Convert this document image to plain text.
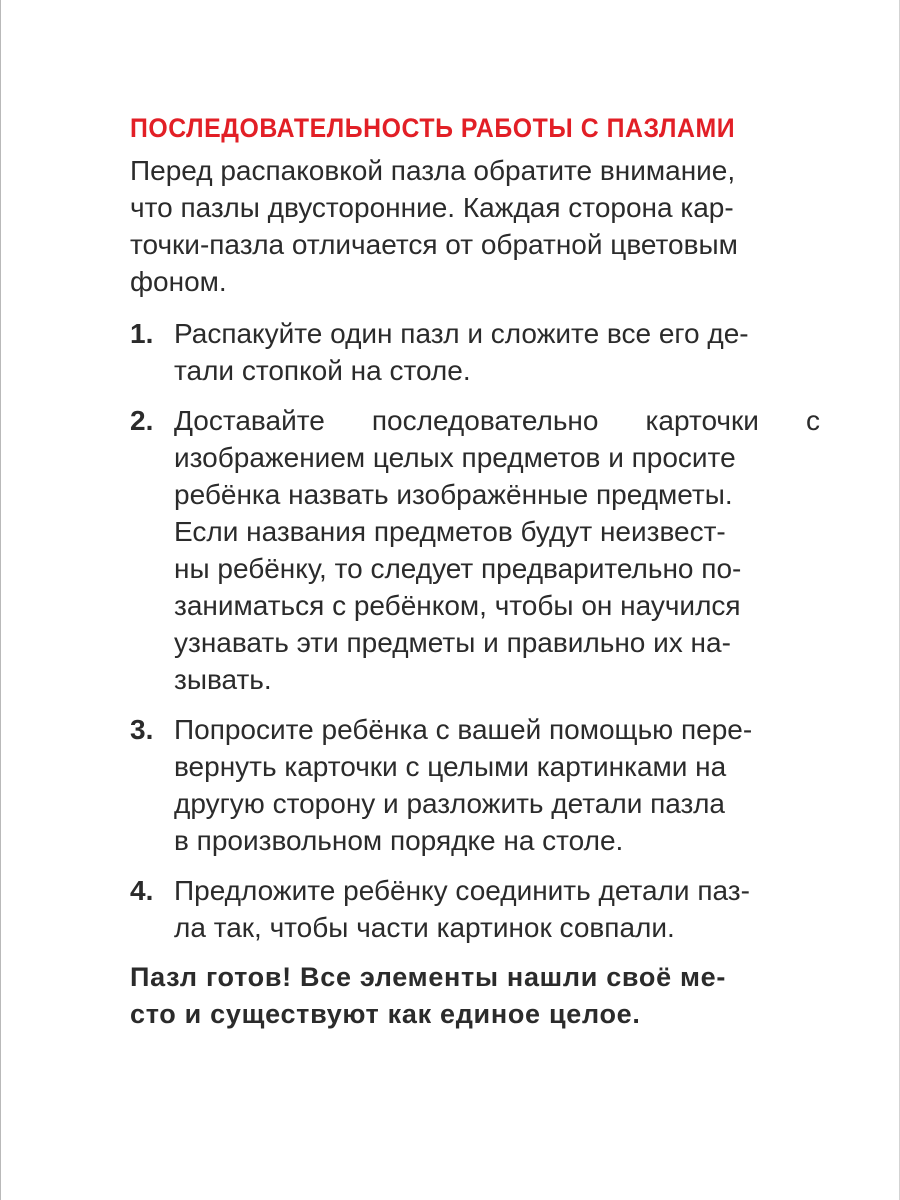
ПОСЛЕДОВАТЕЛЬНОСТЬ РАБОТЫ С ПАЗЛАМИ

Перед распаковкой пазла обратите внимание,

что пазлы двусторонние. Каждая сторона кар-

точки-пазла отличается от обратной цветовым

фоном.

1. Распакуйте один пазл и сложите все его де-

тали стопкой на столе.

2. Доставайте последовательно карточки с

изображением целых предметов и просите

ребёнка назвать изображённые предметы.

Если названия предметов будут неизвест-

ны ребёнку, то следует предварительно по-

заниматься с ребёнком, чтобы он научился

узнавать эти предметы и правильно их на-

зывать.

3. Попросите ребёнка с вашей помощью пере-

вернуть карточки с целыми картинками на

другую сторону и разложить детали пазла

в произвольном порядке на столе.

4. Предложите ребёнку соединить детали паз-

ла так, чтобы части картинок совпали.

Пазл готов! Все элементы нашли своё ме-

сто и существуют как единое целое.
